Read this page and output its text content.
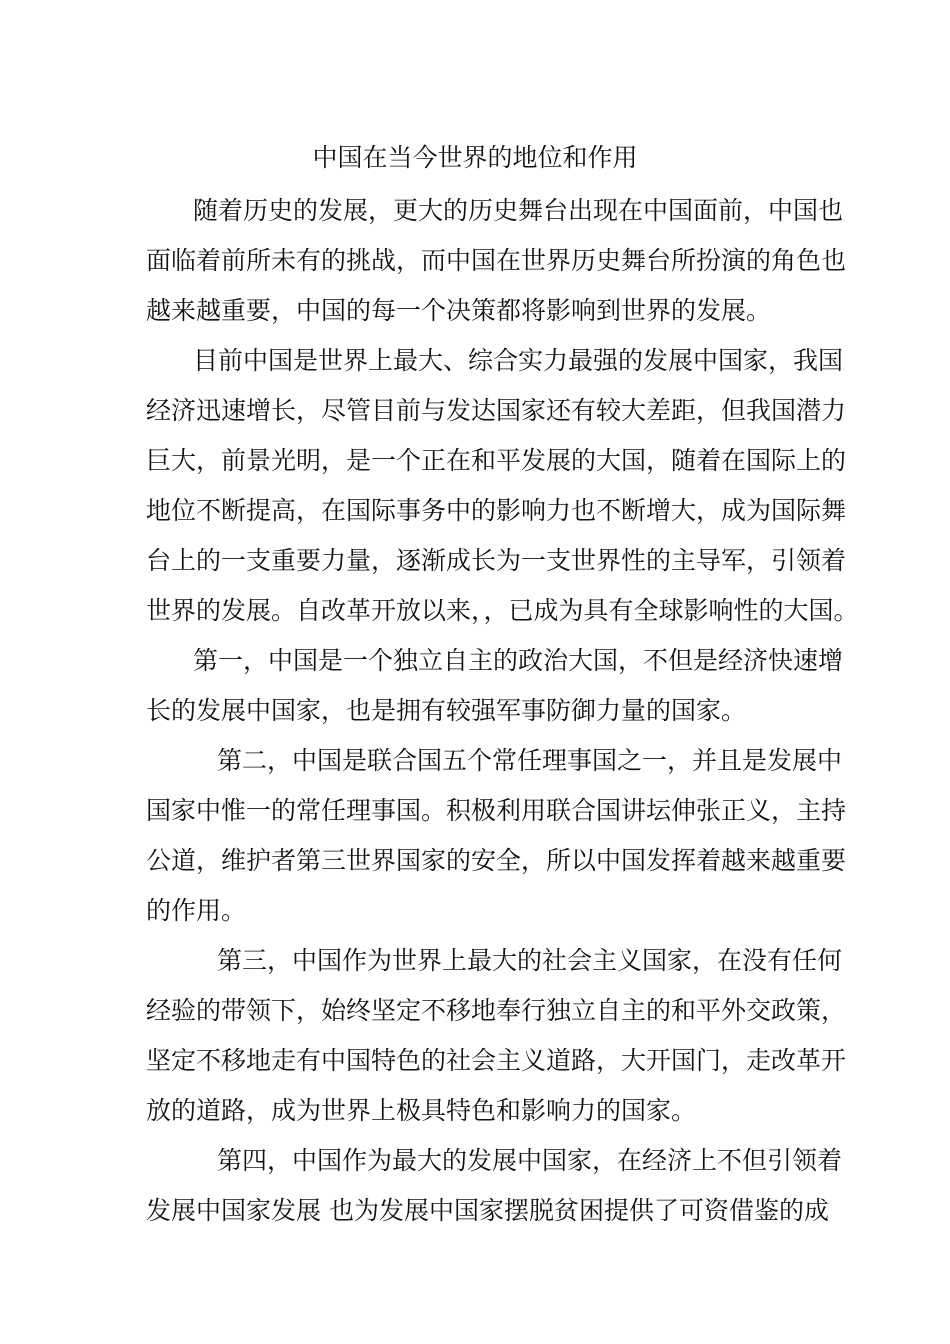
中国在当今世界的地位和作用
随着历史的发展，更大的历史舞台出现在中国面前，中国也
面临着前所未有的挑战，而中国在世界历史舞台所扮演的角色也
越来越重要，中国的每一个决策都将影响到世界的发展。
目前中国是世界上最大、综合实力最强的发展中国家，我国
经济迅速增长，尽管目前与发达国家还有较大差距，但我国潜力
巨大，前景光明，是一个正在和平发展的大国，随着在国际上的
地位不断提高，在国际事务中的影响力也不断增大，成为国际舞
台上的一支重要力量，逐渐成长为一支世界性的主导军，引领着
世界的发展。自改革开放以来，，已成为具有全球影响性的大国。
第一，中国是一个独立自主的政治大国，不但是经济快速增
长的发展中国家，也是拥有较强军事防御力量的国家。
第二，中国是联合国五个常任理事国之一，并且是发展中
国家中惟一的常任理事国。积极利用联合国讲坛伸张正义，主持
公道，维护者第三世界国家的安全，所以中国发挥着越来越重要
的作用。
第三，中国作为世界上最大的社会主义国家，在没有任何
经验的带领下，始终坚定不移地奉行独立自主的和平外交政策，
坚定不移地走有中国特色的社会主义道路，大开国门，走改革开
放的道路，成为世界上极具特色和影响力的国家。
第四，中国作为最大的发展中国家，在经济上不但引领着
发展中国家发展 也为发展中国家摆脱贫困提供了可资借鉴的成
